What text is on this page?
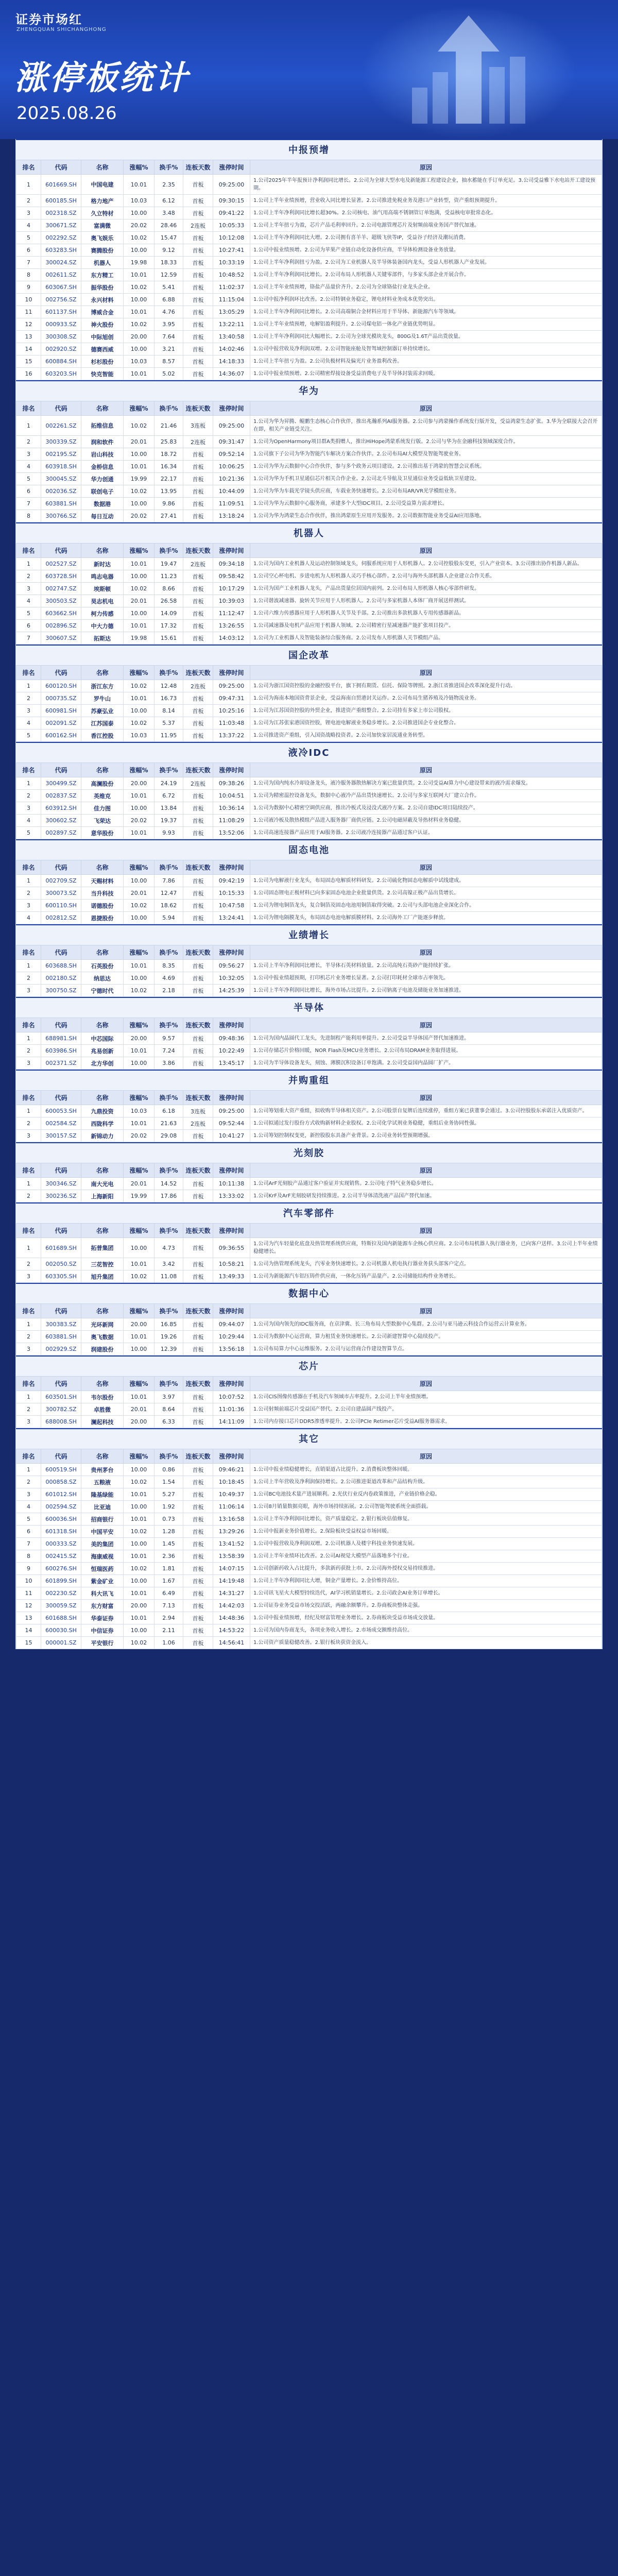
证券市场红
ZHENGQUAN SHICHANGHONG
涨停板统计
2025.08.26
中报预增
排名	代码	名称	涨幅%	换手%	连板天数	涨停时间	原因
1	601669.SH	中国电建	10.01	2.35	首板	09:25:00	1.公司2025年半年报预计净利润同比增长。2.公司为全球大型水电及新能源工程建设企业，抽水蓄能在手订单充足。3.公司受益雅下水电站开工建设预期。
2	600185.SH	格力地产	10.03	6.12	首板	09:30:15	1.公司上半年业绩预增，营业收入同比增长显著。2.公司推进免税业务及港口产业转型，资产重组预期提升。
3	002318.SZ	久立特材	10.00	3.48	首板	09:41:22	1.公司上半年净利润同比增长超30%。2.公司核电、油气用高端不锈钢管订单饱满，受益核电审批常态化。
4	300671.SZ	富满微	20.02	28.46	2连板	10:05:33	1.公司上半年扭亏为盈，芯片产品毛利率回升。2.公司电源管理芯片及射频前端业务国产替代加速。
5	002292.SZ	奥飞娱乐	10.02	15.47	首板	10:12:08	1.公司上半年净利润同比大增。2.公司拥有喜羊羊、超级飞侠等IP，受益谷子经济及潮玩消费。
6	603283.SH	赛腾股份	10.00	9.12	首板	10:27:41	1.公司中报业绩预增。2.公司为苹果产业链自动化设备供应商，半导体检测设备业务放量。
7	300024.SZ	机器人	19.98	18.33	首板	10:33:19	1.公司上半年净利润扭亏为盈。2.公司为工业机器人及半导体装备国内龙头，受益人形机器人产业发展。
8	002611.SZ	东方精工	10.01	12.59	首板	10:48:52	1.公司上半年净利润同比增长。2.公司布局人形机器人关键零部件，与多家头部企业开展合作。
9	603067.SH	振华股份	10.02	5.41	首板	11:02:37	1.公司上半年业绩预增，铬盐产品量价齐升。2.公司为全球铬盐行业龙头企业。
10	002756.SZ	永兴材料	10.00	6.88	首板	11:15:04	1.公司中报净利润环比改善。2.公司特钢业务稳定，锂电材料业务成本优势突出。
11	601137.SH	博威合金	10.01	4.76	首板	13:05:29	1.公司上半年净利润同比增长。2.公司高端铜合金材料应用于半导体、新能源汽车等领域。
12	000933.SZ	神火股份	10.02	3.95	首板	13:22:11	1.公司上半年业绩预增，电解铝盈利提升。2.公司煤电铝一体化产业链优势明显。
13	300308.SZ	中际旭创	20.00	7.64	首板	13:40:58	1.公司上半年净利润同比大幅增长。2.公司为全球光模块龙头，800G及1.6T产品出货放量。
14	002920.SZ	德赛西威	10.00	3.21	首板	14:02:46	1.公司中报营收及净利润双增。2.公司智能座舱及智驾域控制器订单持续增长。
15	600884.SH	杉杉股份	10.03	8.57	首板	14:18:33	1.公司上半年扭亏为盈。2.公司负极材料及偏光片业务盈利改善。
16	603203.SH	快克智能	10.01	5.02	首板	14:36:07	1.公司中报业绩预增。2.公司精密焊接设备受益消费电子及半导体封装需求回暖。
华为
排名	代码	名称	涨幅%	换手%	连板天数	涨停时间	原因
1	002261.SZ	拓维信息	10.02	21.46	3连板	09:25:00	1.公司为华为昇腾、鲲鹏生态核心合作伙伴，推出兆瀚系列AI服务器。2.公司参与鸿蒙操作系统发行版开发，受益鸿蒙生态扩张。3.华为全联接大会召开在即，相关产业链受关注。
2	300339.SZ	润和软件	20.01	25.83	2连板	09:31:47	1.公司为OpenHarmony项目群A类捐赠人，推出HiHope鸿蒙系统发行版。2.公司与华为在金融科技领域深度合作。
3	002195.SZ	岩山科技	10.00	18.72	首板	09:52:14	1.公司旗下子公司为华为智能汽车解决方案合作伙伴。2.公司布局AI大模型及智能驾驶业务。
4	603918.SH	金桥信息	10.01	16.34	首板	10:06:25	1.公司为华为云数据中心合作伙伴，参与多个政务云项目建设。2.公司推出基于鸿蒙的智慧会议系统。
5	300045.SZ	华力创通	19.99	22.17	首板	10:21:36	1.公司为华为手机卫星通信芯片相关合作企业。2.公司北斗导航及卫星通信业务受益低轨卫星建设。
6	002036.SZ	联创电子	10.02	13.95	首板	10:44:09	1.公司为华为车载光学镜头供应商，车载业务快速增长。2.公司布局AR/VR光学模组业务。
7	603881.SH	数据港	10.00	9.86	首板	11:09:51	1.公司为华为云数据中心服务商，承建多个大型IDC项目。2.公司受益算力需求增长。
8	300766.SZ	每日互动	20.02	27.41	首板	13:18:24	1.公司为华为鸿蒙生态合作伙伴，推出鸿蒙原生应用开发服务。2.公司数据智能业务受益AI应用落地。
机器人
排名	代码	名称	涨幅%	换手%	连板天数	涨停时间	原因
1	002527.SZ	新时达	10.01	19.47	2连板	09:34:18	1.公司为国内工业机器人及运动控制领域龙头，伺服系统应用于人形机器人。2.公司控股股东变更，引入产业资本。3.公司推出协作机器人新品。
2	603728.SH	鸣志电器	10.00	11.23	首板	09:58:42	1.公司空心杯电机、步进电机为人形机器人灵巧手核心部件。2.公司与海外头部机器人企业建立合作关系。
3	002747.SZ	埃斯顿	10.02	8.66	首板	10:17:29	1.公司为国产工业机器人龙头，产品出货量位居国内前列。2.公司布局人形机器人核心零部件研发。
4	300503.SZ	昊志机电	20.01	26.58	首板	10:39:03	1.公司谐波减速器、旋转关节应用于人形机器人。2.公司与多家机器人本体厂商开展送样测试。
5	603662.SH	柯力传感	10.00	14.09	首板	11:12:47	1.公司六维力传感器应用于人形机器人关节及手部。2.公司推出多款机器人专用传感器新品。
6	002896.SZ	中大力德	10.01	17.32	首板	13:26:55	1.公司减速器及电机产品应用于机器人领域。2.公司精密行星减速器产能扩张项目投产。
7	300607.SZ	拓斯达	19.98	15.61	首板	14:03:12	1.公司为工业机器人及智能装备综合服务商。2.公司发布人形机器人关节模组产品。
国企改革
排名	代码	名称	涨幅%	换手%	连板天数	涨停时间	原因
1	600120.SH	浙江东方	10.02	12.48	2连板	09:25:00	1.公司为浙江国资控股的金融控股平台，旗下拥有期货、信托、保险等牌照。2.浙江省推进国企改革深化提升行动。
2	000735.SZ	罗牛山	10.01	16.73	首板	09:47:31	1.公司为海南本地国资背景企业，受益海南自贸港封关运作。2.公司布局生猪养殖及冷链物流业务。
3	600981.SH	苏豪弘业	10.00	8.14	首板	10:25:16	1.公司为江苏国资控股的外贸企业，推进资产重组整合。2.公司持有多家上市公司股权。
4	002091.SZ	江苏国泰	10.02	5.37	首板	11:03:48	1.公司为江苏张家港国资控股，锂电池电解液业务稳步增长。2.公司推进国企专业化整合。
5	600162.SH	香江控股	10.03	11.95	首板	13:37:22	1.公司推进资产重组，引入国资战略投资者。2.公司加快家居流通业务转型。
液冷IDC
排名	代码	名称	涨幅%	换手%	连板天数	涨停时间	原因
1	300499.SZ	高澜股份	20.00	24.19	2连板	09:38:26	1.公司为国内纯水冷却设备龙头，液冷服务器散热解决方案已批量供货。2.公司受益AI算力中心建设带来的液冷需求爆发。
2	002837.SZ	英维克	10.01	6.72	首板	10:04:51	1.公司为精密温控设备龙头，数据中心液冷产品出货快速增长。2.公司与多家互联网大厂建立合作。
3	603912.SH	佳力图	10.00	13.84	首板	10:36:14	1.公司为数据中心精密空调供应商，推出冷板式及浸没式液冷方案。2.公司自建IDC项目陆续投产。
4	300602.SZ	飞荣达	20.02	19.37	首板	11:08:29	1.公司液冷板及散热模组产品进入服务器厂商供应链。2.公司电磁屏蔽及导热材料业务稳健。
5	002897.SZ	意华股份	10.01	9.93	首板	13:52:06	1.公司高速连接器产品应用于AI服务器。2.公司液冷连接器产品通过客户认证。
固态电池
排名	代码	名称	涨幅%	换手%	连板天数	涨停时间	原因
1	002709.SZ	天赐材料	10.00	7.86	首板	09:42:19	1.公司为电解液行业龙头，布局固态电解质材料研发。2.公司硫化物固态电解质中试线建成。
2	300073.SZ	当升科技	20.01	12.47	首板	10:15:33	1.公司固态锂电正极材料已向多家固态电池企业批量供货。2.公司高镍正极产品出货增长。
3	600110.SH	诺德股份	10.02	18.62	首板	10:47:58	1.公司为锂电铜箔龙头，复合铜箔及固态电池用铜箔取得突破。2.公司与头部电池企业深化合作。
4	002812.SZ	恩捷股份	10.00	5.94	首板	13:24:41	1.公司为锂电隔膜龙头，布局固态电池电解质膜材料。2.公司海外工厂产能逐步释放。
业绩增长
排名	代码	名称	涨幅%	换手%	连板天数	涨停时间	原因
1	603688.SH	石英股份	10.01	8.35	首板	09:56:27	1.公司上半年净利润同比增长，半导体石英材料放量。2.公司高纯石英砂产能持续扩张。
2	002180.SZ	纳思达	10.00	4.69	首板	10:32:05	1.公司中报业绩超预期，打印机芯片业务增长显著。2.公司打印耗材全球市占率领先。
3	300750.SZ	宁德时代	10.02	2.18	首板	14:25:39	1.公司上半年净利润同比增长，海外市场占比提升。2.公司钠离子电池及储能业务加速推进。
半导体
排名	代码	名称	涨幅%	换手%	连板天数	涨停时间	原因
1	688981.SH	中芯国际	20.00	9.57	首板	09:48:36	1.公司为国内晶圆代工龙头，先进制程产能利用率提升。2.公司受益半导体国产替代加速推进。
2	603986.SH	兆易创新	10.01	7.24	首板	10:22:49	1.公司存储芯片价格回暖，NOR Flash及MCU业务增长。2.公司布局DRAM业务取得进展。
3	002371.SZ	北方华创	10.00	3.86	首板	13:45:17	1.公司为半导体设备龙头，刻蚀、薄膜沉积设备订单饱满。2.公司受益国内晶圆厂扩产。
并购重组
排名	代码	名称	涨幅%	换手%	连板天数	涨停时间	原因
1	600053.SH	九鼎投资	10.03	6.18	3连板	09:25:00	1.公司筹划重大资产重组，拟收购半导体相关资产。2.公司股票自复牌后连续涨停，重组方案已获董事会通过。3.公司控股股东承诺注入优质资产。
2	002584.SZ	西陇科学	10.01	21.63	2连板	09:52:44	1.公司拟通过发行股份方式收购新材料企业股权。2.公司化学试剂业务稳健，重组后业务协同性强。
3	300157.SZ	新锦动力	20.02	29.08	首板	10:41:27	1.公司筹划控制权变更，新控股股东具备产业背景。2.公司业务转型预期增强。
光刻胶
排名	代码	名称	涨幅%	换手%	连板天数	涨停时间	原因
1	300346.SZ	南大光电	20.01	14.52	首板	10:11:38	1.公司ArF光刻胶产品通过客户验证并实现销售。2.公司电子特气业务稳步增长。
2	300236.SZ	上海新阳	19.99	17.86	首板	13:33:02	1.公司KrF及ArF光刻胶研发持续推进。2.公司半导体清洗液产品国产替代加速。
汽车零部件
排名	代码	名称	涨幅%	换手%	连板天数	涨停时间	原因
1	601689.SH	拓普集团	10.00	4.73	首板	09:36:55	1.公司为汽车轻量化底盘及热管理系统供应商，特斯拉及国内新能源车企核心供应商。2.公司布局机器人执行器业务，已向客户送样。3.公司上半年业绩稳健增长。
2	002050.SZ	三花智控	10.01	3.42	首板	10:58:21	1.公司为热管理系统龙头，汽零业务快速增长。2.公司机器人机电执行器业务获头部客户定点。
3	603305.SH	旭升集团	10.02	11.08	首板	13:49:33	1.公司为新能源汽车铝压铸件供应商，一体化压铸产品量产。2.公司储能结构件业务增长。
数据中心
排名	代码	名称	涨幅%	换手%	连板天数	涨停时间	原因
1	300383.SZ	光环新网	20.00	16.85	首板	09:44:07	1.公司为国内领先的IDC服务商，在京津冀、长三角布局大型数据中心集群。2.公司与亚马逊云科技合作运营云计算业务。
2	603881.SH	奥飞数据	10.01	19.26	首板	10:29:44	1.公司为数据中心运营商，算力租赁业务快速增长。2.公司新建智算中心陆续投产。
3	002929.SZ	润建股份	10.00	12.39	首板	13:56:18	1.公司布局算力中心运维服务。2.公司与运营商合作建设智算节点。
芯片
排名	代码	名称	涨幅%	换手%	连板天数	涨停时间	原因
1	603501.SH	韦尔股份	10.01	3.97	首板	10:07:52	1.公司CIS图像传感器在手机及汽车领域市占率提升。2.公司上半年业绩预增。
2	300782.SZ	卓胜微	20.01	8.64	首板	11:01:36	1.公司射频前端芯片受益国产替代。2.公司自建晶圆产线投产。
3	688008.SH	澜起科技	20.00	6.33	首板	14:11:09	1.公司内存接口芯片DDR5渗透率提升。2.公司PCIe Retimer芯片受益AI服务器需求。
其它
排名	代码	名称	涨幅%	换手%	连板天数	涨停时间	原因
1	600519.SH	贵州茅台	10.00	0.86	首板	09:46:21	1.公司中报业绩稳健增长，直销渠道占比提升。2.消费板块整体回暖。
2	000858.SZ	五粮液	10.02	1.54	首板	10:18:45	1.公司上半年营收及净利润保持增长。2.公司推进渠道改革和产品结构升级。
3	601012.SH	隆基绿能	10.01	5.27	首板	10:49:37	1.公司BC电池技术量产进展顺利。2.光伏行业反内卷政策推进，产业链价格企稳。
4	002594.SZ	比亚迪	10.00	1.92	首板	11:06:14	1.公司8月销量数据亮眼，海外市场持续拓展。2.公司智能驾驶系统全面搭载。
5	600036.SH	招商银行	10.01	0.73	首板	13:16:58	1.公司上半年净利润同比增长，资产质量稳定。2.银行板块估值修复。
6	601318.SH	中国平安	10.02	1.28	首板	13:29:26	1.公司中报新业务价值增长。2.保险板块受益权益市场回暖。
7	000333.SZ	美的集团	10.00	1.45	首板	13:41:52	1.公司中报营收及净利润双增。2.公司机器人及楼宇科技业务快速发展。
8	002415.SZ	海康威视	10.01	2.36	首板	13:58:39	1.公司上半年业绩环比改善。2.公司AI视觉大模型产品落地多个行业。
9	600276.SH	恒瑞医药	10.02	1.81	首板	14:07:15	1.公司创新药收入占比提升，多款新药获批上市。2.公司海外授权交易持续推进。
10	601899.SH	紫金矿业	10.00	1.67	首板	14:19:48	1.公司上半年净利润同比大增，铜金产量增长。2.金价维持高位。
11	002230.SZ	科大讯飞	10.01	6.49	首板	14:31:27	1.公司讯飞星火大模型持续迭代，AI学习机销量增长。2.公司政企AI业务订单增长。
12	300059.SZ	东方财富	20.00	7.13	首板	14:42:03	1.公司证券业务受益市场交投活跃，两融余额攀升。2.券商板块整体走强。
13	601688.SH	华泰证券	10.01	2.94	首板	14:48:36	1.公司中报业绩预增，经纪及财富管理业务增长。2.券商板块受益市场成交放量。
14	600030.SH	中信证券	10.00	2.11	首板	14:53:22	1.公司为国内券商龙头，各项业务收入增长。2.市场成交额维持高位。
15	000001.SZ	平安银行	10.02	1.06	首板	14:56:41	1.公司资产质量稳健改善。2.银行板块获资金流入。
